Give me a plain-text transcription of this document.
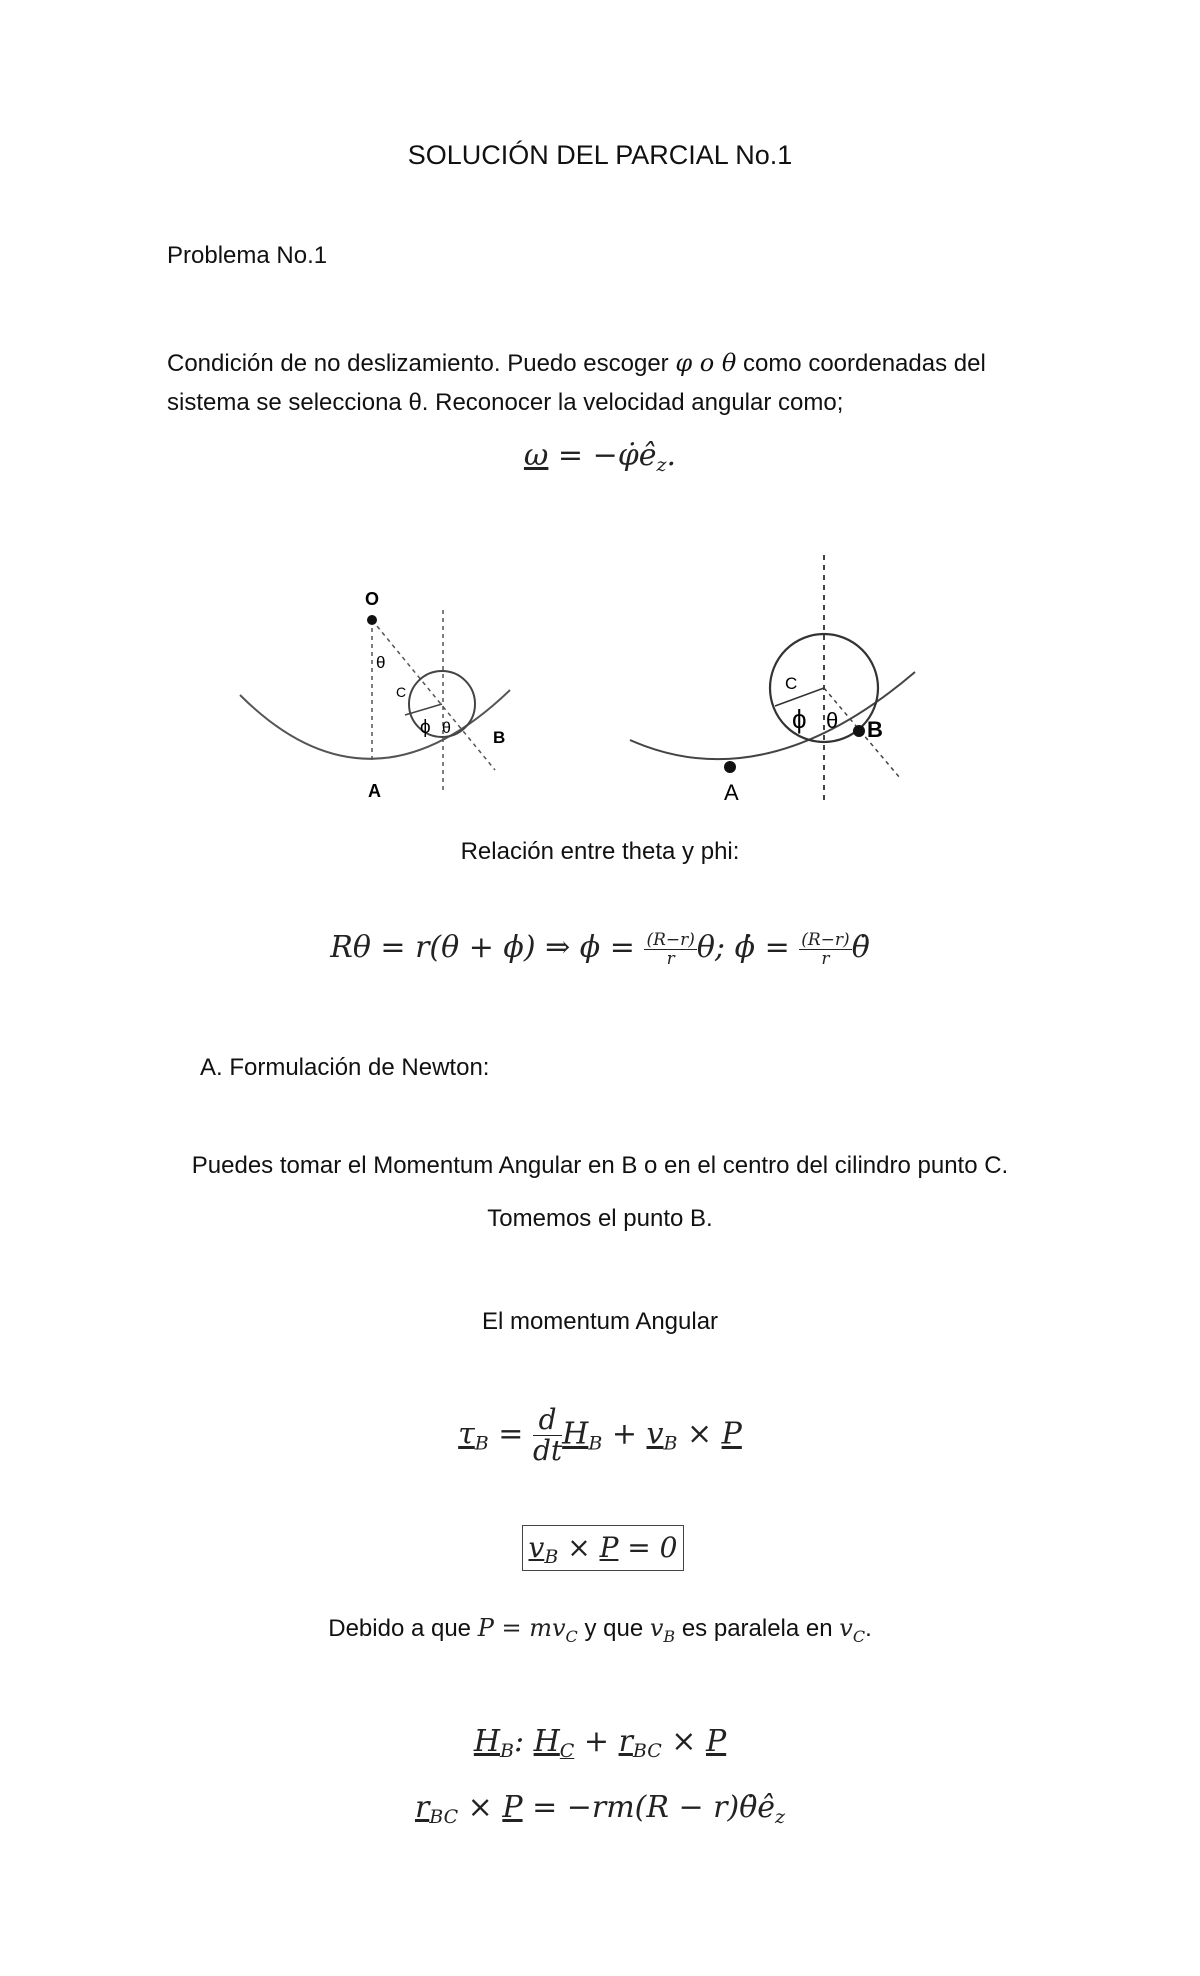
SOLUCIÓN DEL PARCIAL No.1
Problema No.1
Condición de no deslizamiento. Puedo escoger φ o θ como coordenadas del
sistema se selecciona θ. Reconocer la velocidad angular como;
$\omega = -\varphi̇ê_z$.
O
θ
C
ϕ θ B
A
C
ϕ θ B
A
Relación entre theta y phi:
Rθ = r(θ + ϕ) ⇒ $\phi = \frac{(R-r)}{r} \theta$; ϕ̇ = $\frac{(R-r)}{r}$ θ̇
A. Formulación de Newton:
Puedes tomar el Momentum Angular en B o en el centro del cilindro punto C.
Tomemos el punto B.
El momentum Angular
$\tau_B = \frac{d}{dt}H_B + v_B \times P$
$v_B \times P = 0$
Debido a que $P = mv_C$ y que $v_B$ es paralela en $v_C$.
$H_B$: $H_C + r_{BC} \times P$
$r_{BC} \times P = -rm(R$ − $r)\thetȧê_z$
